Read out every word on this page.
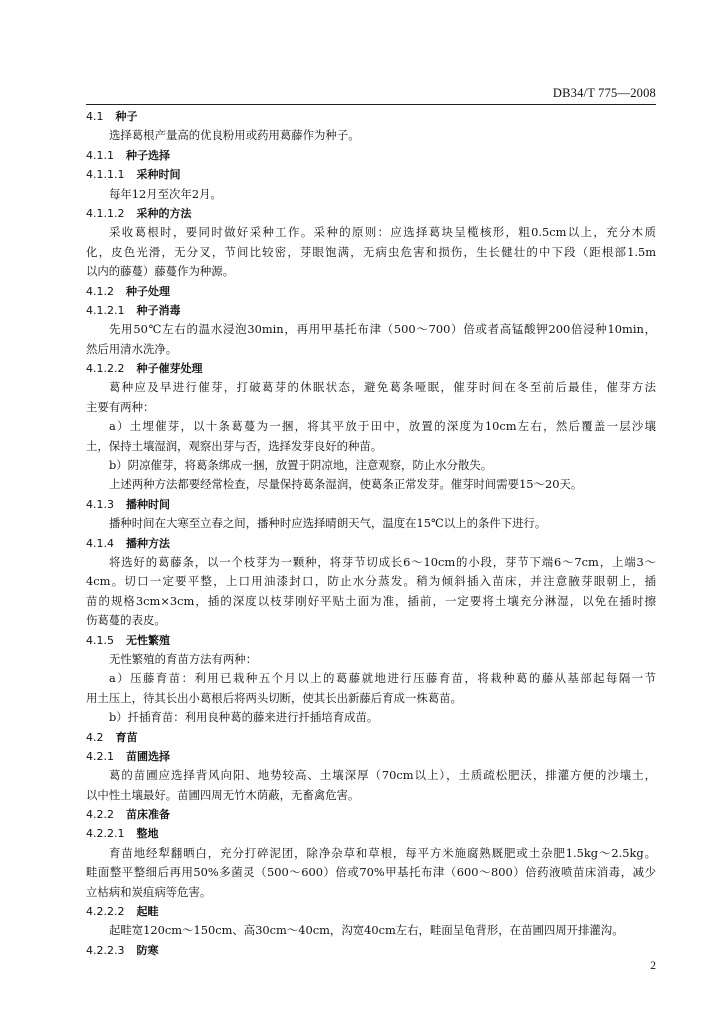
DB34/T 775—2008
4.1 种子
选择葛根产量高的优良粉用或药用葛藤作为种子。
4.1.1 种子选择
4.1.1.1 采种时间
每年12月至次年2月。
4.1.1.2 采种的方法
采收葛根时，要同时做好采种工作。采种的原则：应选择葛块呈榄核形，粗0.5cm以上，充分木质
化，皮色光滑，无分叉，节间比较密，芽眼饱满，无病虫危害和损伤，生长健壮的中下段（距根部1.5m
以内的藤蔓）藤蔓作为种源。
4.1.2 种子处理
4.1.2.1 种子消毒
先用50℃左右的温水浸泡30min，再用甲基托布津（500～700）倍或者高锰酸钾200倍浸种10min，
然后用清水洗净。
4.1.2.2 种子催芽处理
葛种应及早进行催芽，打破葛芽的休眠状态，避免葛条哑眠，催芽时间在冬至前后最佳，催芽方法
主要有两种：
a）土埋催芽，以十条葛蔓为一捆，将其平放于田中，放置的深度为10cm左右，然后覆盖一层沙壤
土，保持土壤湿润，观察出芽与否，选择发芽良好的种苗。
b）阴凉催芽，将葛条绑成一捆，放置于阴凉地，注意观察，防止水分散失。
上述两种方法都要经常检查，尽量保持葛条湿润，使葛条正常发芽。催芽时间需要15～20天。
4.1.3 播种时间
播种时间在大寒至立春之间，播种时应选择晴朗天气，温度在15℃以上的条件下进行。
4.1.4 播种方法
将选好的葛藤条，以一个枝芽为一颗种，将芽节切成长6～10cm的小段，芽节下端6～7cm，上端3～
4cm。切口一定要平整，上口用油漆封口，防止水分蒸发。稍为倾斜插入苗床，并注意腋芽眼朝上，插
苗的规格3cm×3cm，插的深度以枝芽刚好平贴土面为准，插前，一定要将土壤充分淋湿，以免在插时擦
伤葛蔓的表皮。
4.1.5 无性繁殖
无性繁殖的育苗方法有两种：
a）压藤育苗：利用已栽种五个月以上的葛藤就地进行压藤育苗，将栽种葛的藤从基部起每隔一节
用土压上，待其长出小葛根后将两头切断，使其长出新藤后育成一株葛苗。
b）扦插育苗：利用良种葛的藤来进行扦插培育成苗。
4.2 育苗
4.2.1 苗圃选择
葛的苗圃应选择背风向阳、地势较高、土壤深厚（70cm以上），土质疏松肥沃，排灌方便的沙壤土，
以中性土壤最好。苗圃四周无竹木荫蔽，无畜禽危害。
4.2.2 苗床准备
4.2.2.1 整地
育苗地经犁翻晒白，充分打碎泥团，除净杂草和草根，每平方米施腐熟厩肥或土杂肥1.5kg～2.5kg。
畦面整平整细后再用50%多菌灵（500～600）倍或70%甲基托布津（600～800）倍药液喷苗床消毒，减少
立枯病和炭疽病等危害。
4.2.2.2 起畦
起畦宽120cm～150cm、高30cm～40cm，沟宽40cm左右，畦面呈龟背形，在苗圃四周开排灌沟。
4.2.2.3 防寒
2
